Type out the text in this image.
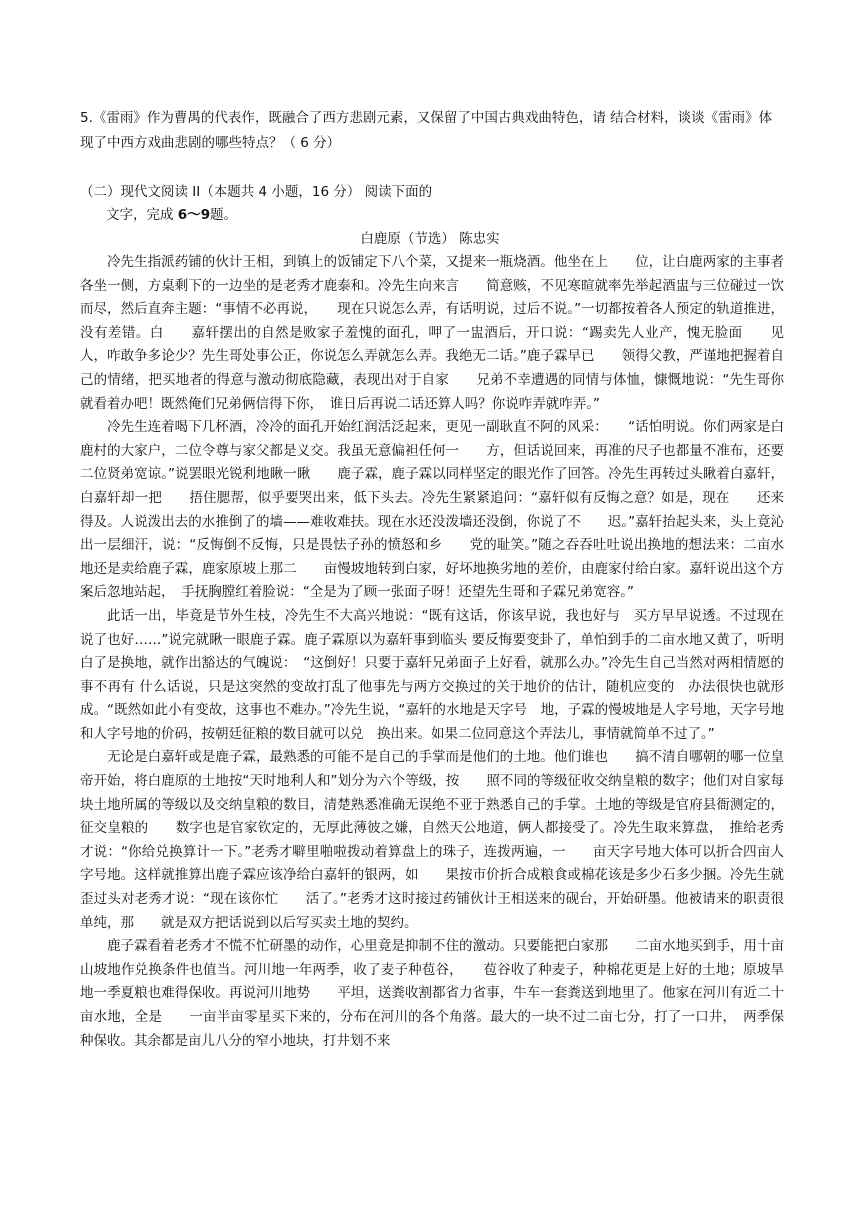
5.《雷雨》作为曹禺的代表作，既融合了西方悲剧元素，又保留了中国古典戏曲特色，请 结合材料，谈谈《雷雨》体现了中西方戏曲悲剧的哪些特点？（ 6 分）
（二）现代文阅读 II（本题共 4 小题，16 分） 阅读下面的
文字，完成 6～9题。
白鹿原（节选） 陈忠实

冷先生指派药铺的伙计王相，到镇上的饭铺定下八个菜，又提来一瓶烧酒。他坐在上　　位，让白鹿两家的主事者各坐一侧，方桌剩下的一边坐的是老秀才鹿泰和。冷先生向来言　　简意赅，不见寒暄就率先举起酒盅与三位碰过一饮而尽，然后直奔主题：“事情不必再说，　　现在只说怎么弄，有话明说，过后不说。”一切都按着各人预定的轨道推进，没有差错。白　　嘉轩摆出的自然是败家子羞愧的面孔，呷了一盅酒后，开口说：“踢卖先人业产，愧无脸面　　见人，咋敢争多论少？先生哥处事公正，你说怎么弄就怎么弄。我绝无二话。”鹿子霖早已　　领得父教，严谨地把握着自己的情绪，把买地者的得意与激动彻底隐藏，表现出对于自家　　兄弟不幸遭遇的同情与体恤，慷慨地说：“先生哥你就看着办吧！既然俺们兄弟俩信得下你，　谁日后再说二话还算人吗？你说咋弄就咋弄。”

冷先生连着喝下几杯酒，冷冷的面孔开始红润活泛起来，更见一副耿直不阿的风采：　　“话怕明说。你们两家是白鹿村的大家户，二位令尊与家父都是义交。我虽无意偏袒任何一　　方，但话说回来，再准的尺子也都量不准布，还要二位贤弟宽谅。”说罢眼光锐利地瞅一瞅　　鹿子霖，鹿子霖以同样坚定的眼光作了回答。冷先生再转过头瞅着白嘉轩，白嘉轩却一把　　捂住腮帮，似乎要哭出来，低下头去。冷先生紧紧追问：“嘉轩似有反悔之意？如是，现在　　还来得及。人说泼出去的水推倒了的墙——难收难扶。现在水还没泼墙还没倒，你说了不　　迟。”嘉轩抬起头来，头上竟沁出一层细汗，说：“反悔倒不反悔，只是畏怯子孙的愤怒和乡　　党的耻笑。”随之吞吞吐吐说出换地的想法来：二亩水地还是卖给鹿子霖，鹿家原坡上那二　　亩慢坡地转到白家，好坏地换劣地的差价，由鹿家付给白家。嘉轩说出这个方案后忽地站起，　手抚胸膛红着脸说：“全是为了顾一张面子呀！还望先生哥和子霖兄弟宽容。”

此话一出，毕竟是节外生枝，冷先生不大高兴地说：“既有这话，你该早说，我也好与　买方早早说透。不过现在说了也好……”说完就瞅一眼鹿子霖。鹿子霖原以为嘉轩事到临头 要反悔要变卦了，单怕到手的二亩水地又黄了，听明白了是换地，就作出豁达的气魄说：　“这倒好！只要于嘉轩兄弟面子上好看，就那么办。”冷先生自己当然对两相情愿的事不再有 什么话说，只是这突然的变故打乱了他事先与两方交换过的关于地价的估计，随机应变的　办法很快也就形成。“既然如此小有变故，这事也不难办。”冷先生说，“嘉轩的水地是天字号　地，子霖的慢坡地是人字号地，天字号地和人字号地的价码，按朝廷征粮的数目就可以兑　换出来。如果二位同意这个弄法儿，事情就简单不过了。”

无论是白嘉轩或是鹿子霖，最熟悉的可能不是自己的手掌而是他们的土地。他们谁也　　搞不清自哪朝的哪一位皇帝开始，将白鹿原的土地按“天时地利人和”划分为六个等级，按　　照不同的等级征收交纳皇粮的数字；他们对自家每块土地所属的等级以及交纳皇粮的数目，清楚熟悉准确无误绝不亚于熟悉自己的手掌。土地的等级是官府县衙测定的，征交皇粮的　　数字也是官家钦定的，无厚此薄彼之嫌，自然天公地道，俩人都接受了。冷先生取来算盘，　推给老秀才说：“你给兑换算计一下。”老秀才噼里啪啦拨动着算盘上的珠子，连拨两遍，一　　亩天字号地大体可以折合四亩人字号地。这样就推算出鹿子霖应该净给白嘉轩的银两，如　　果按市价折合成粮食或棉花该是多少石多少捆。冷先生就歪过头对老秀才说：“现在该你忙　　活了。”老秀才这时接过药铺伙计王相送来的砚台，开始研墨。他被请来的职责很单纯，那　　就是双方把话说到以后写买卖土地的契约。

鹿子霖看着老秀才不慌不忙研墨的动作，心里竟是抑制不住的激动。只要能把白家那　　二亩水地买到手，用十亩山坡地作兑换条件也值当。河川地一年两季，收了麦子种苞谷，　　苞谷收了种麦子，种棉花更是上好的土地；原坡旱地一季夏粮也难得保收。再说河川地势　　平坦，送粪收割都省力省事，牛车一套粪送到地里了。他家在河川有近二十亩水地，全是　　一亩半亩零星买下来的，分布在河川的各个角落。最大的一块不过二亩七分，打了一口井，　两季保种保收。其余都是亩儿八分的窄小地块，打井划不来
